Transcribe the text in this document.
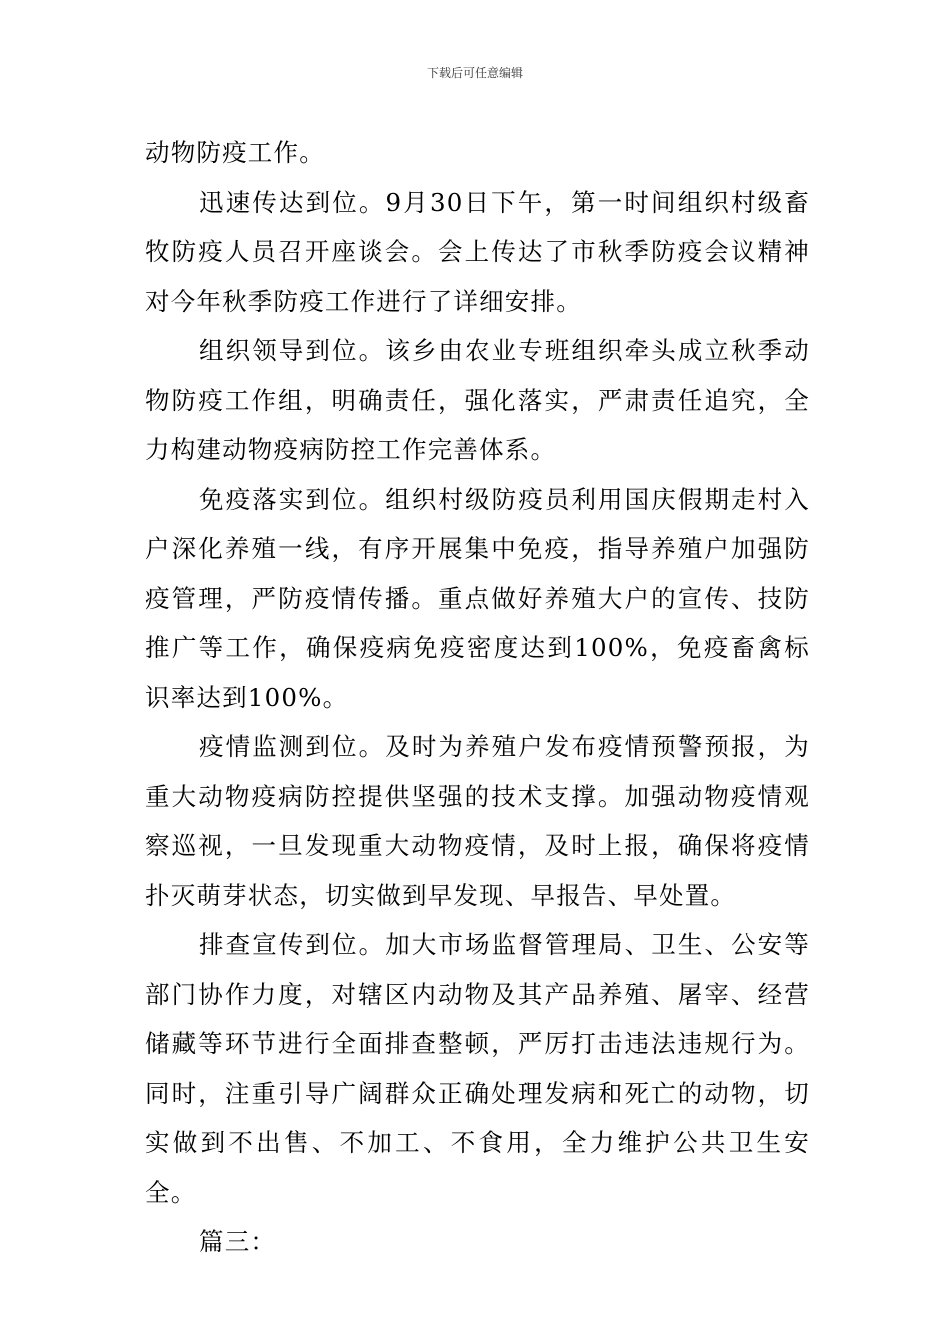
下载后可任意编辑

动物防疫工作。

迅速传达到位。9月30日下午，第一时间组织村级畜牧防疫人员召开座谈会。会上传达了市秋季防疫会议精神对今年秋季防疫工作进行了详细安排。

组织领导到位。该乡由农业专班组织牵头成立秋季动物防疫工作组，明确责任，强化落实，严肃责任追究，全力构建动物疫病防控工作完善体系。

免疫落实到位。组织村级防疫员利用国庆假期走村入户深化养殖一线，有序开展集中免疫，指导养殖户加强防疫管理，严防疫情传播。重点做好养殖大户的宣传、技防推广等工作，确保疫病免疫密度达到100%，免疫畜禽标识率达到100%。

疫情监测到位。及时为养殖户发布疫情预警预报，为重大动物疫病防控提供坚强的技术支撑。加强动物疫情观察巡视，一旦发现重大动物疫情，及时上报，确保将疫情扑灭萌芽状态，切实做到早发现、早报告、早处置。

排查宣传到位。加大市场监督管理局、卫生、公安等部门协作力度，对辖区内动物及其产品养殖、屠宰、经营储藏等环节进行全面排查整顿，严厉打击违法违规行为。同时，注重引导广阔群众正确处理发病和死亡的动物，切实做到不出售、不加工、不食用，全力维护公共卫生安全。

篇三：
